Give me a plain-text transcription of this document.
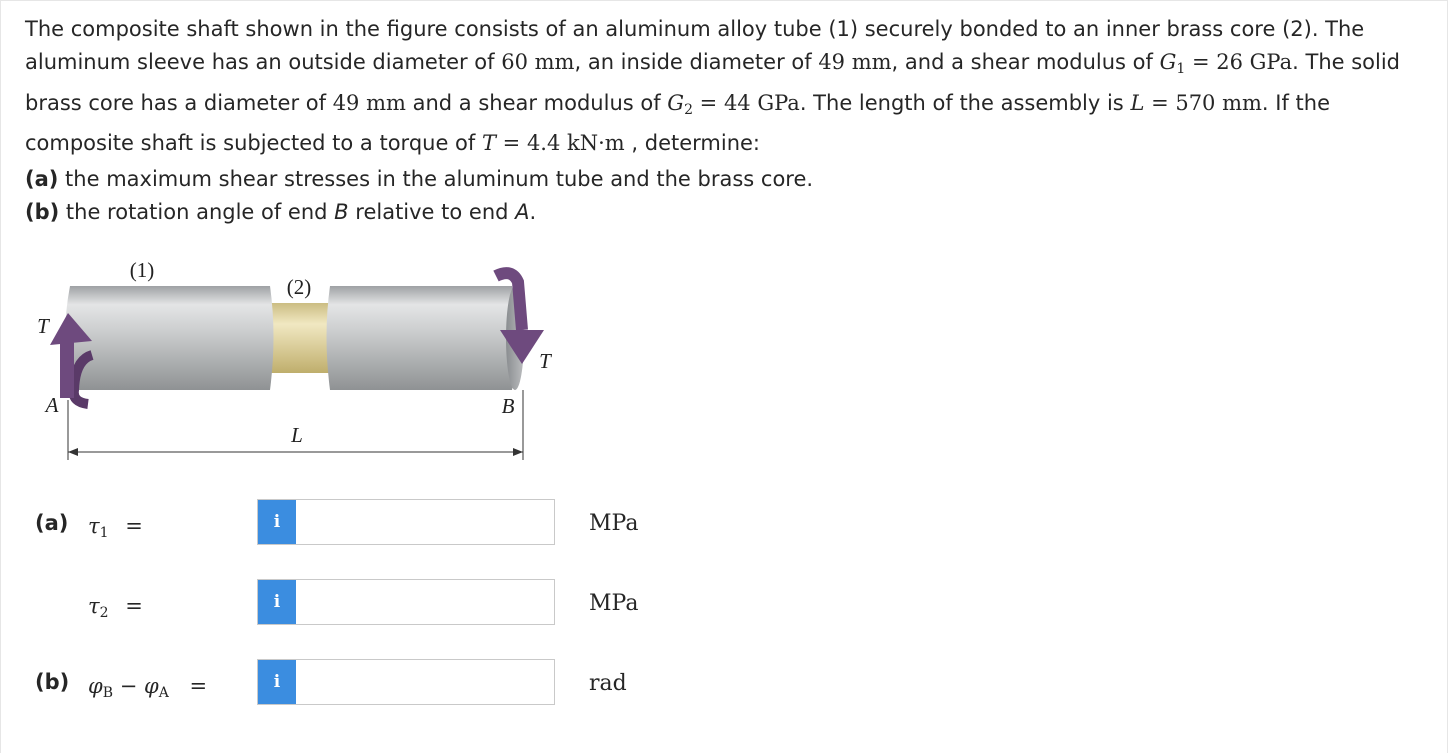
The composite shaft shown in the figure consists of an aluminum alloy tube (1) securely bonded to an inner brass core (2). The aluminum sleeve has an outside diameter of 60 mm, an inside diameter of 49 mm, and a shear modulus of $G_1 = 26$ GPa. The solid brass core has a diameter of 49 mm and a shear modulus of $G_2 = 44$ GPa. The length of the assembly is L = 570 mm. If the composite shaft is subjected to a torque of T = 4.4 kN·m , determine:
(a) the maximum shear stresses in the aluminum tube and the brass core.
(b) the rotation angle of end B relative to end A.
(1)
(2)
T
T
A	B
L
(a) $\tau_1$ =	i	MPa
$\tau_2$ =	i	MPa
(b) $\varphi_B - \varphi_A$ =	i	rad
